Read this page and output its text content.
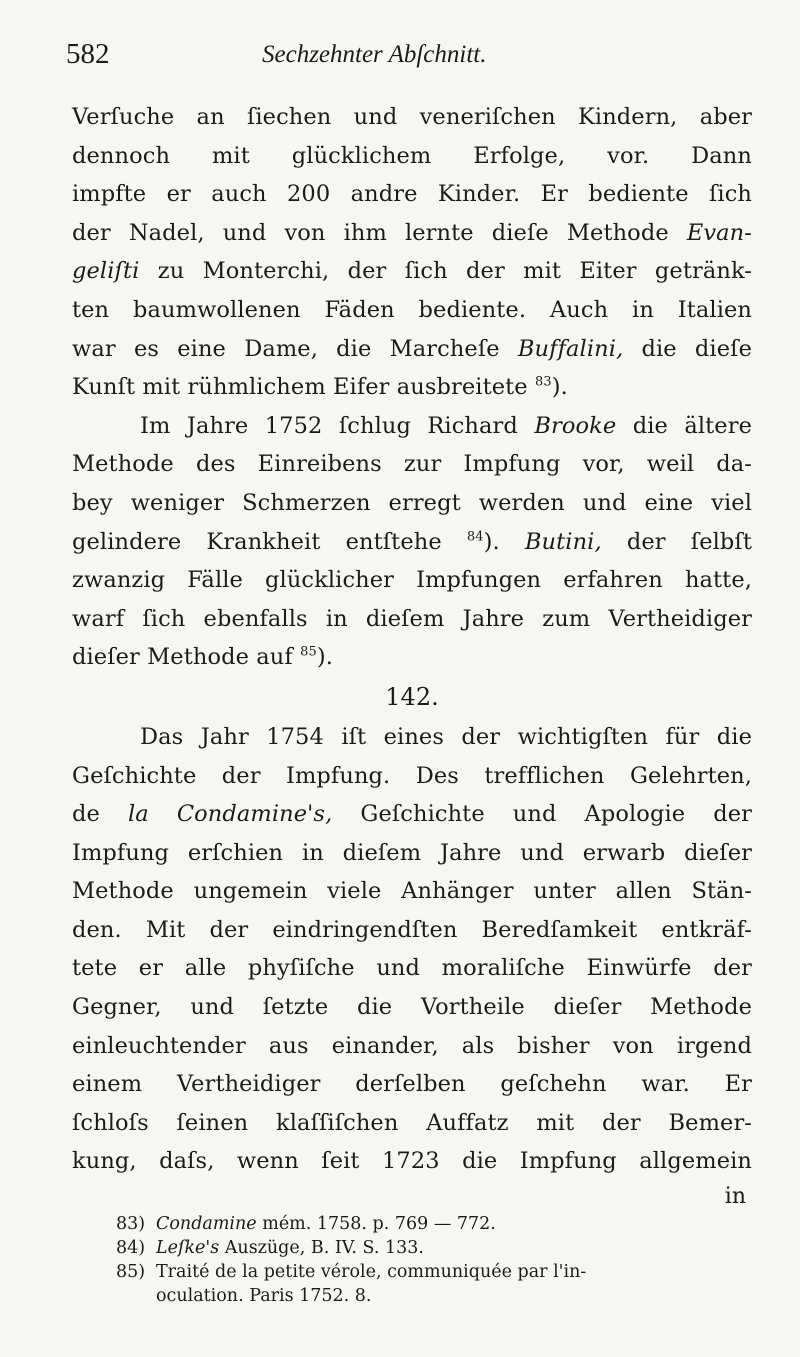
582	Sechzehnter Abſchnitt.
Verſuche an ſiechen und veneriſchen Kindern, aber
dennoch mit glücklichem Erfolge, vor. Dann
impfte er auch 200 andre Kinder. Er bediente ſich
der Nadel, und von ihm lernte dieſe Methode Evan-
geliſti zu Monterchi, der ſich der mit Eiter getränk-
ten baumwollenen Fäden bediente. Auch in Italien
war es eine Dame, die Marcheſe Buffalini, die dieſe
Kunſt mit rühmlichem Eifer ausbreitete $^{83}$).
Im Jahre 1752 ſchlug Richard Brooke die ältere
Methode des Einreibens zur Impfung vor, weil da-
bey weniger Schmerzen erregt werden und eine viel
gelindere Krankheit entſtehe $^{84}$). Butini, der ſelbſt
zwanzig Fälle glücklicher Impfungen erfahren hatte,
warf ſich ebenfalls in dieſem Jahre zum Vertheidiger
dieſer Methode auf $^{85}$).
142.
Das Jahr 1754 iſt eines der wichtigſten für die
Geſchichte der Impfung. Des trefflichen Gelehrten,
de la Condamine's, Geſchichte und Apologie der
Impfung erſchien in dieſem Jahre und erwarb dieſer
Methode ungemein viele Anhänger unter allen Stän-
den. Mit der eindringendſten Beredſamkeit entkräf-
tete er alle phyſiſche und moraliſche Einwürfe der
Gegner, und ſetzte die Vortheile dieſer Methode
einleuchtender aus einander, als bisher von irgend
einem Vertheidiger derſelben geſchehn war. Er
ſchloſs ſeinen klaſſiſchen Auffatz mit der Bemer-
kung, daſs, wenn ſeit 1723 die Impfung allgemein
in
83) Condamine mém. 1758. p. 769 — 772.
84) Leſke's Auszüge, B. IV. S. 133.
85) Traité de la petite vérole, communiquée par l'in-
oculation. Paris 1752. 8.
